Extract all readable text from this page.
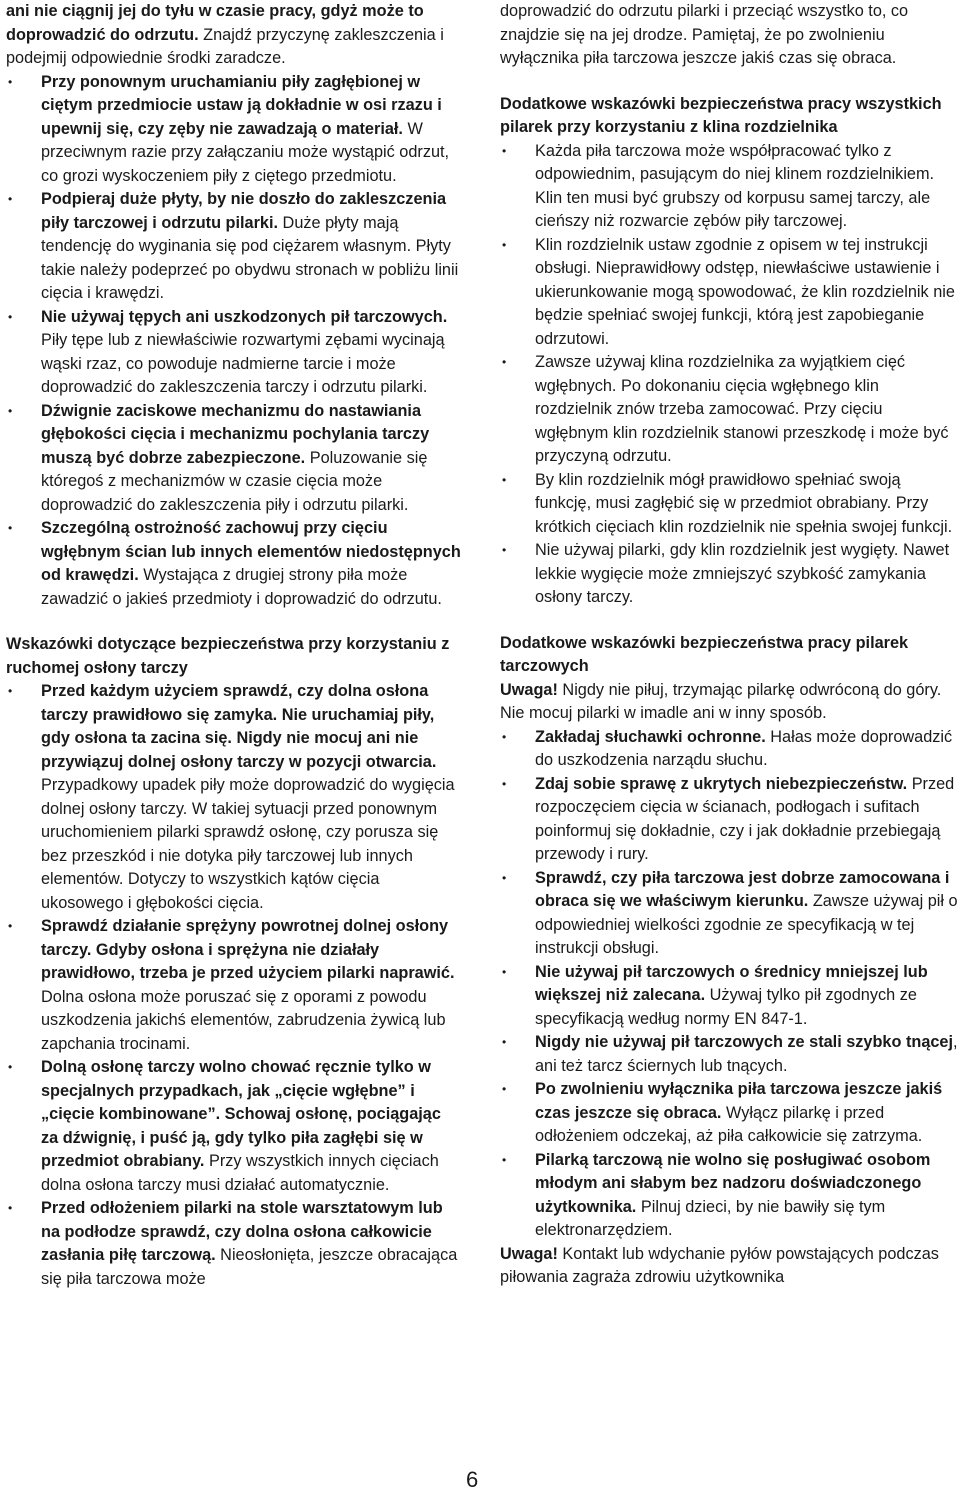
ani nie ciągnij jej do tyłu w czasie pracy, gdyż może to doprowadzić do odrzutu. Znajdź przyczynę zakleszczenia i podejmij odpowiednie środki zaradcze.

• Przy ponownym uruchamianiu piły zagłębionej w ciętym przedmiocie ustaw ją dokładnie w osi rzazu i upewnij się, czy zęby nie zawadzają o materiał. W przeciwnym razie przy załączaniu może wystąpić odrzut, co grozi wyskoczeniem piły z ciętego przedmiotu.
• Podpieraj duże płyty, by nie doszło do zakleszczenia piły tarczowej i odrzutu pilarki. Duże płyty mają tendencję do wyginania się pod ciężarem własnym. Płyty takie należy podeprzeć po obydwu stronach w pobliżu linii cięcia i krawędzi.
• Nie używaj tępych ani uszkodzonych pił tarczowych. Piły tępe lub z niewłaściwie rozwartymi zębami wycinają wąski rzaz, co powoduje nadmierne tarcie i może doprowadzić do zakleszczenia tarczy i odrzutu pilarki.
• Dźwignie zaciskowe mechanizmu do nastawiania głębokości cięcia i mechanizmu pochylania tarczy muszą być dobrze zabezpieczone. Poluzowanie się któregoś z mechanizmów w czasie cięcia może doprowadzić do zakleszczenia piły i odrzutu pilarki.
• Szczególną ostrożność zachowuj przy cięciu wgłębnym ścian lub innych elementów niedostępnych od krawędzi. Wystająca z drugiej strony piła może zawadzić o jakieś przedmioty i doprowadzić do odrzutu.

Wskazówki dotyczące bezpieczeństwa przy korzystaniu z ruchomej osłony tarczy

• Przed każdym użyciem sprawdź, czy dolna osłona tarczy prawidłowo się zamyka. Nie uruchamiaj piły, gdy osłona ta zacina się. Nigdy nie mocuj ani nie przywiązuj dolnej osłony tarczy w pozycji otwarcia. Przypadkowy upadek piły może doprowadzić do wygięcia dolnej osłony tarczy. W takiej sytuacji przed ponownym uruchomieniem pilarki sprawdź osłonę, czy porusza się bez przeszkód i nie dotyka piły tarczowej lub innych elementów. Dotyczy to wszystkich kątów cięcia ukosowego i głębokości cięcia.
• Sprawdź działanie sprężyny powrotnej dolnej osłony tarczy. Gdyby osłona i sprężyna nie działały prawidłowo, trzeba je przed użyciem pilarki naprawić. Dolna osłona może poruszać się z oporami z powodu uszkodzenia jakichś elementów, zabrudzenia żywicą lub zapchania trocinami.
• Dolną osłonę tarczy wolno chować ręcznie tylko w specjalnych przypadkach, jak „cięcie wgłębne” i „cięcie kombinowane”. Schowaj osłonę, pociągając za dźwignię, i puść ją, gdy tylko piła zagłębi się w przedmiot obrabiany. Przy wszystkich innych cięciach dolna osłona tarczy musi działać automatycznie.
• Przed odłożeniem pilarki na stole warsztatowym lub na podłodze sprawdź, czy dolna osłona całkowicie zasłania piłę tarczową. Nieosłonięta, jeszcze obracająca się piła tarczowa może

doprowadzić do odrzutu pilarki i przeciąć wszystko to, co znajdzie się na jej drodze. Pamiętaj, że po zwolnieniu wyłącznika piła tarczowa jeszcze jakiś czas się obraca.

Dodatkowe wskazówki bezpieczeństwa pracy wszystkich pilarek przy korzystaniu z klina rozdzielnika

• Każda piła tarczowa może współpracować tylko z odpowiednim, pasującym do niej klinem rozdzielnikiem. Klin ten musi być grubszy od korpusu samej tarczy, ale cieńszy niż rozwarcie zębów piły tarczowej.
• Klin rozdzielnik ustaw zgodnie z opisem w tej instrukcji obsługi. Nieprawidłowy odstęp, niewłaściwe ustawienie i ukierunkowanie mogą spowodować, że klin rozdzielnik nie będzie spełniać swojej funkcji, którą jest zapobieganie odrzutowi.
• Zawsze używaj klina rozdzielnika za wyjątkiem cięć wgłębnych. Po dokonaniu cięcia wgłębnego klin rozdzielnik znów trzeba zamocować. Przy cięciu wgłębnym klin rozdzielnik stanowi przeszkodę i może być przyczyną odrzutu.
• By klin rozdzielnik mógł prawidłowo spełniać swoją funkcję, musi zagłębić się w przedmiot obrabiany. Przy krótkich cięciach klin rozdzielnik nie spełnia swojej funkcji.
• Nie używaj pilarki, gdy klin rozdzielnik jest wygięty. Nawet lekkie wygięcie może zmniejszyć szybkość zamykania osłony tarczy.

Dodatkowe wskazówki bezpieczeństwa pracy pilarek tarczowych

Uwaga! Nigdy nie piłuj, trzymając pilarkę odwróconą do góry. Nie mocuj pilarki w imadle ani w inny sposób.

• Zakładaj słuchawki ochronne. Hałas może doprowadzić do uszkodzenia narządu słuchu.
• Zdaj sobie sprawę z ukrytych niebezpieczeństw. Przed rozpoczęciem cięcia w ścianach, podłogach i sufitach poinformuj się dokładnie, czy i jak dokładnie przebiegają przewody i rury.
• Sprawdź, czy piła tarczowa jest dobrze zamocowana i obraca się we właściwym kierunku. Zawsze używaj pił o odpowiedniej wielkości zgodnie ze specyfikacją w tej instrukcji obsługi.
• Nie używaj pił tarczowych o średnicy mniejszej lub większej niż zalecana. Używaj tylko pił zgodnych ze specyfikacją według normy EN 847-1.
• Nigdy nie używaj pił tarczowych ze stali szybko tnącej, ani też tarcz ściernych lub tnących.
• Po zwolnieniu wyłącznika piła tarczowa jeszcze jakiś czas jeszcze się obraca. Wyłącz pilarkę i przed odłożeniem odczekaj, aż piła całkowicie się zatrzyma.
• Pilarką tarczową nie wolno się posługiwać osobom młodym ani słabym bez nadzoru doświadczonego użytkownika. Pilnuj dzieci, by nie bawiły się tym elektronarzędziem.

Uwaga! Kontakt lub wdychanie pyłów powstających podczas piłowania zagraża zdrowiu użytkownika

6
